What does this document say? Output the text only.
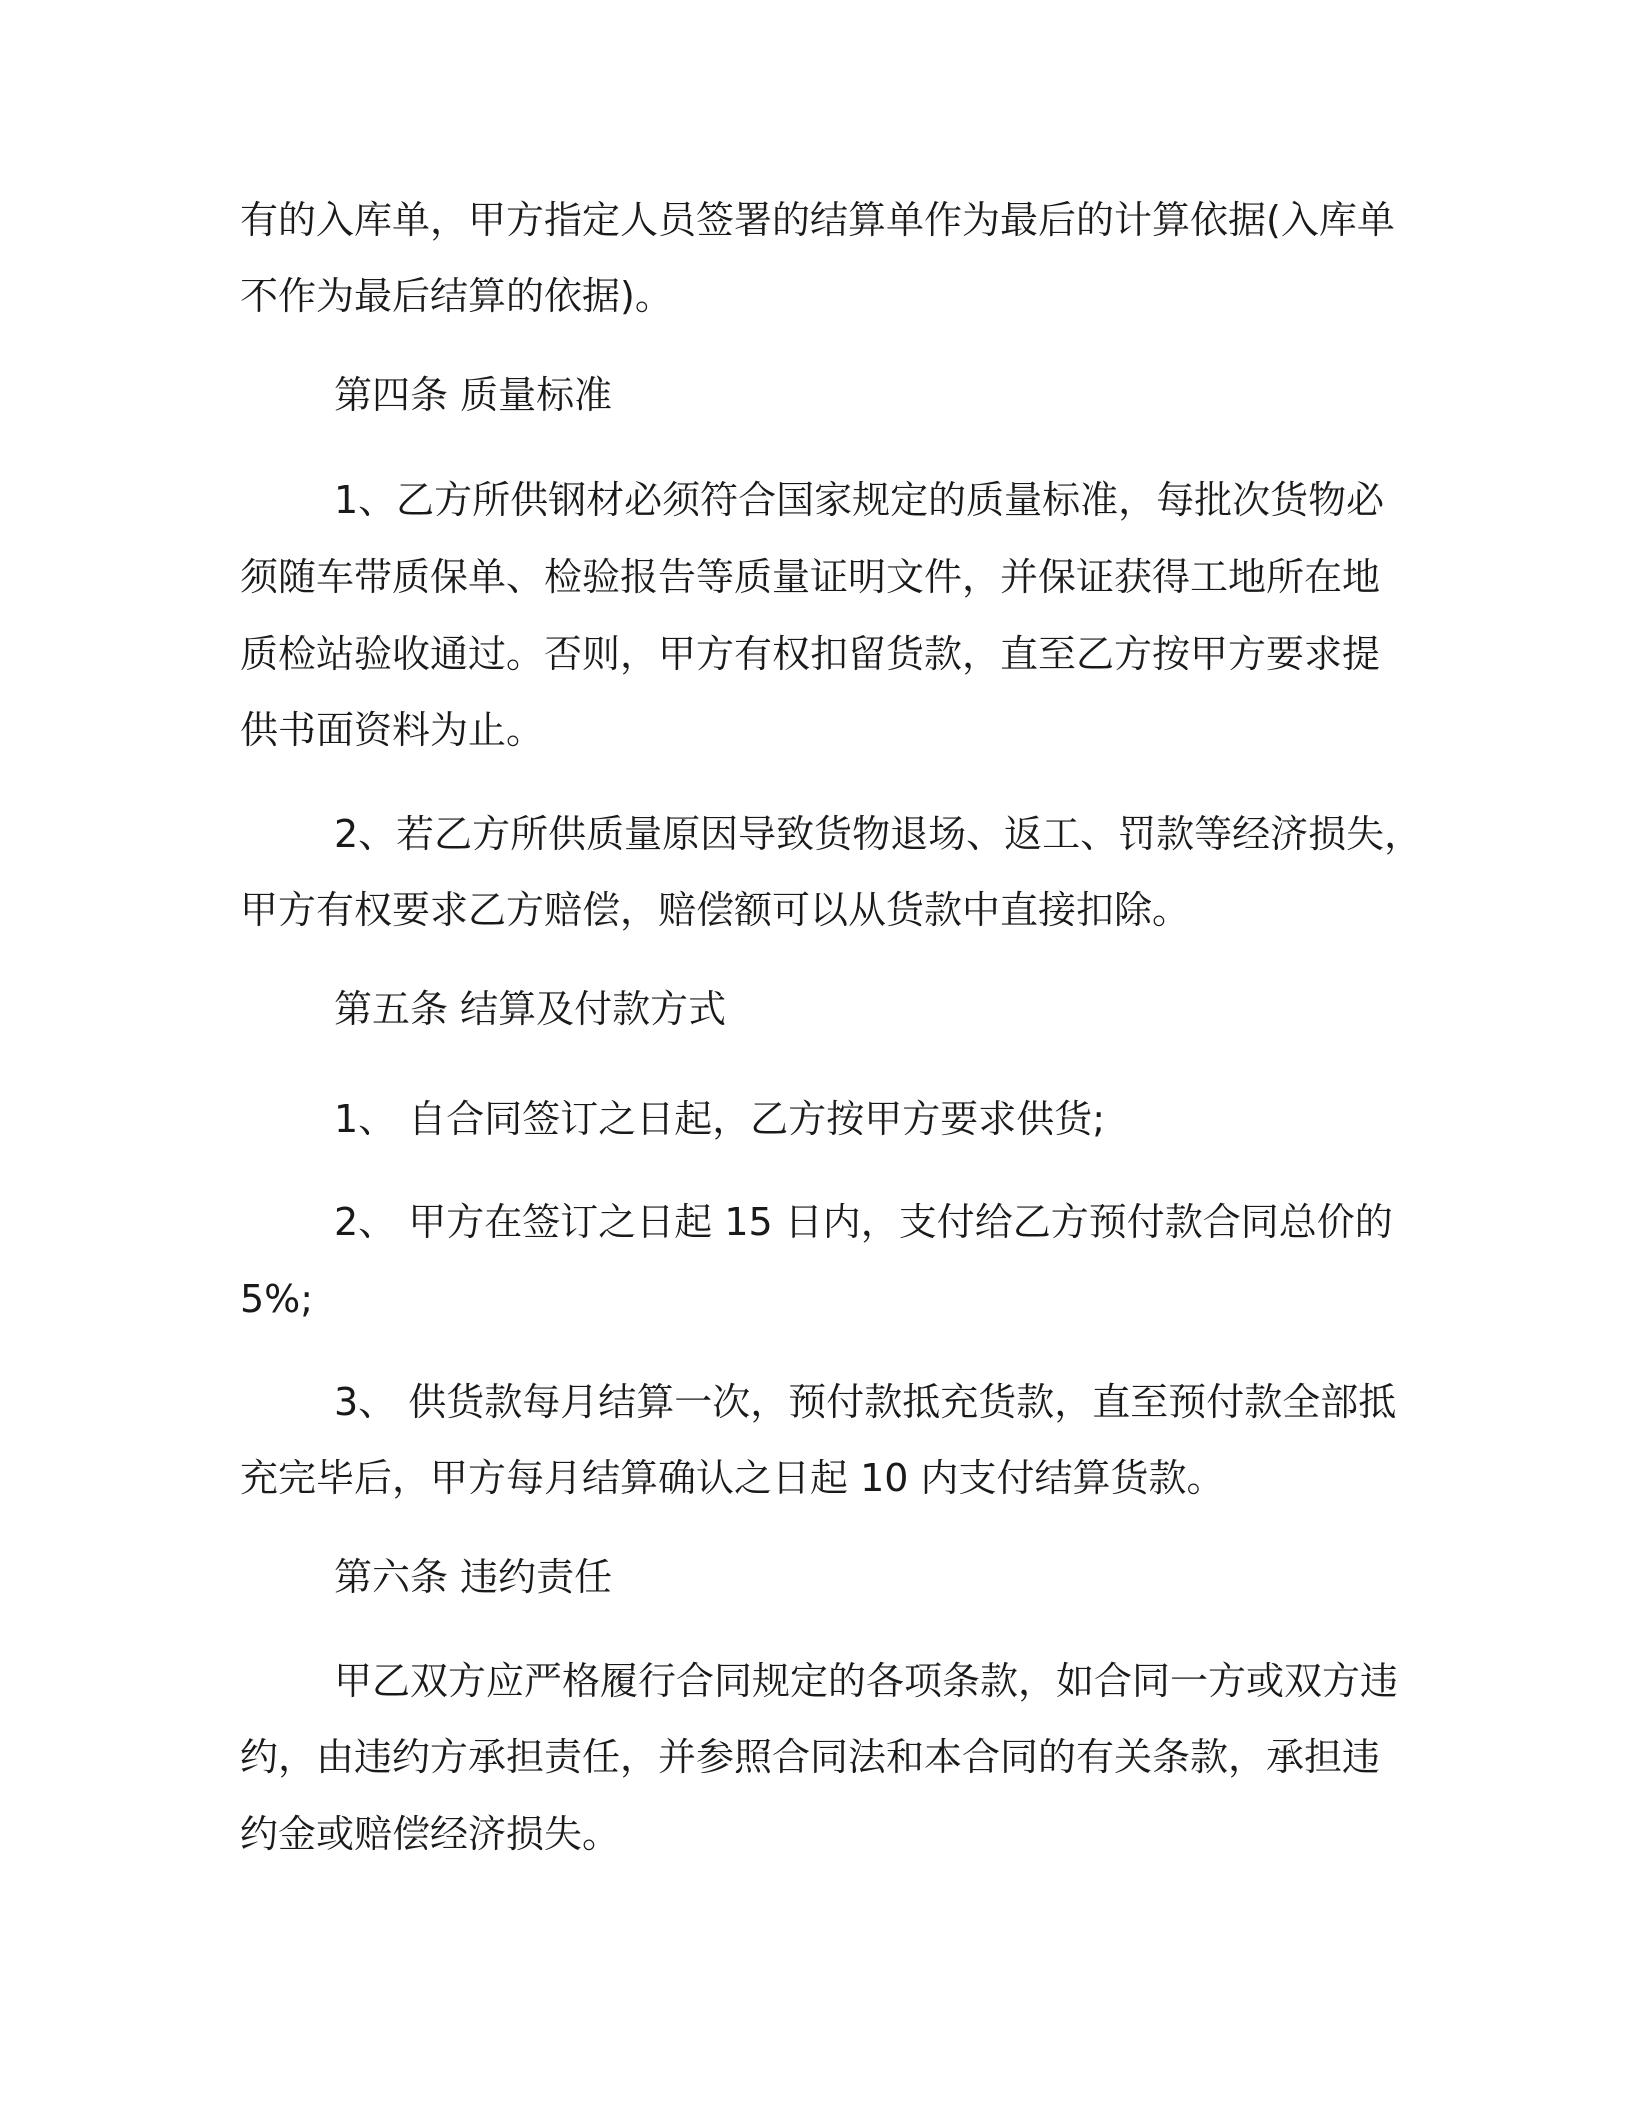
有的入库单，甲方指定人员签署的结算单作为最后的计算依据(入库单
不作为最后结算的依据)。
第四条 质量标准
1、乙方所供钢材必须符合国家规定的质量标准，每批次货物必
须随车带质保单、检验报告等质量证明文件，并保证获得工地所在地
质检站验收通过。否则，甲方有权扣留货款，直至乙方按甲方要求提
供书面资料为止。
2、若乙方所供质量原因导致货物退场、返工、罚款等经济损失，
甲方有权要求乙方赔偿，赔偿额可以从货款中直接扣除。
第五条 结算及付款方式
1、 自合同签订之日起，乙方按甲方要求供货;
2、 甲方在签订之日起 15 日内，支付给乙方预付款合同总价的
5%;
3、 供货款每月结算一次，预付款抵充货款，直至预付款全部抵
充完毕后，甲方每月结算确认之日起 10 内支付结算货款。
第六条 违约责任
甲乙双方应严格履行合同规定的各项条款，如合同一方或双方违
约，由违约方承担责任，并参照合同法和本合同的有关条款，承担违
约金或赔偿经济损失。
